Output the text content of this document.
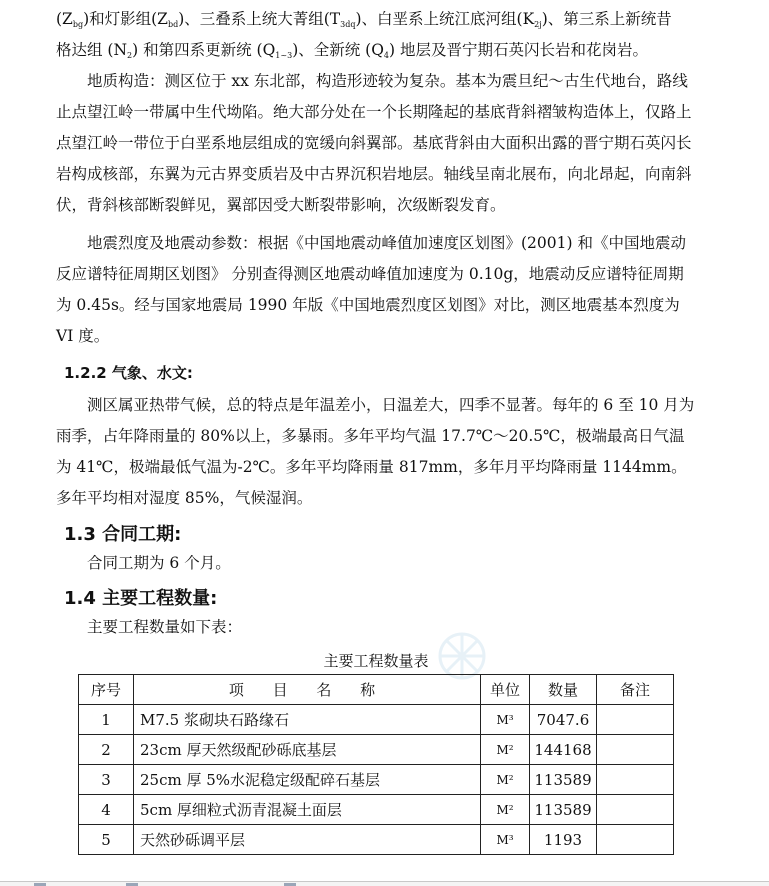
$(Z_{bg})$和灯影组$(Z_{bd})$、三叠系上统大菁组$(T_{3dq})$、白垩系上统江底河组$(K_{2j})$、第三系上新统昔
格达组 $(N_2)$ 和第四系更新统 $(Q_{1\sim 3})$、全新统 $(Q_4)$ 地层及晋宁期石英闪长岩和花岗岩。

地质构造：测区位于 xx 东北部，构造形迹较为复杂。基本为震旦纪～古生代地台，路线止点望江岭一带属中生代坳陷。绝大部分处在一个长期隆起的基底背斜褶皱构造体上，仅路上点望江岭一带位于白垩系地层组成的宽缓向斜翼部。基底背斜由大面积出露的晋宁期石英闪长岩构成核部，东翼为元古界变质岩及中古界沉积岩地层。轴线呈南北展布，向北昂起，向南斜伏，背斜核部断裂鲜见，翼部因受大断裂带影响，次级断裂发育。

地震烈度及地震动参数：根据《中国地震动峰值加速度区划图》(2001) 和《中国地震动反应谱特征周期区划图》 分别查得测区地震动峰值加速度为 0.10g，地震动反应谱特征周期为 0.45s。经与国家地震局 1990 年版《中国地震烈度区划图》对比，测区地震基本烈度为 VI 度。

1.2.2 气象、水文:

测区属亚热带气候，总的特点是年温差小，日温差大，四季不显著。每年的 6 至 10 月为雨季，占年降雨量的 80%以上，多暴雨。多年平均气温 17.7℃～20.5℃，极端最高日气温为 41℃，极端最低气温为-2℃。多年平均降雨量 817mm，多年月平均降雨量 1144mm。多年平均相对湿度 85%，气候湿润。

1.3 合同工期:

合同工期为 6 个月。

1.4 主要工程数量:

主要工程数量如下表：

主要工程数量表
序号	项 目 名 称	单位	数量	备注
1	M7.5 浆砌块石路缘石	M³	7047.6	
2	23cm 厚天然级配砂砾底基层	M²	144168	
3	25cm 厚 5%水泥稳定级配碎石基层	M²	113589	
4	5cm 厚细粒式沥青混凝土面层	M²	113589	
5	天然砂砾调平层	M³	1193	
